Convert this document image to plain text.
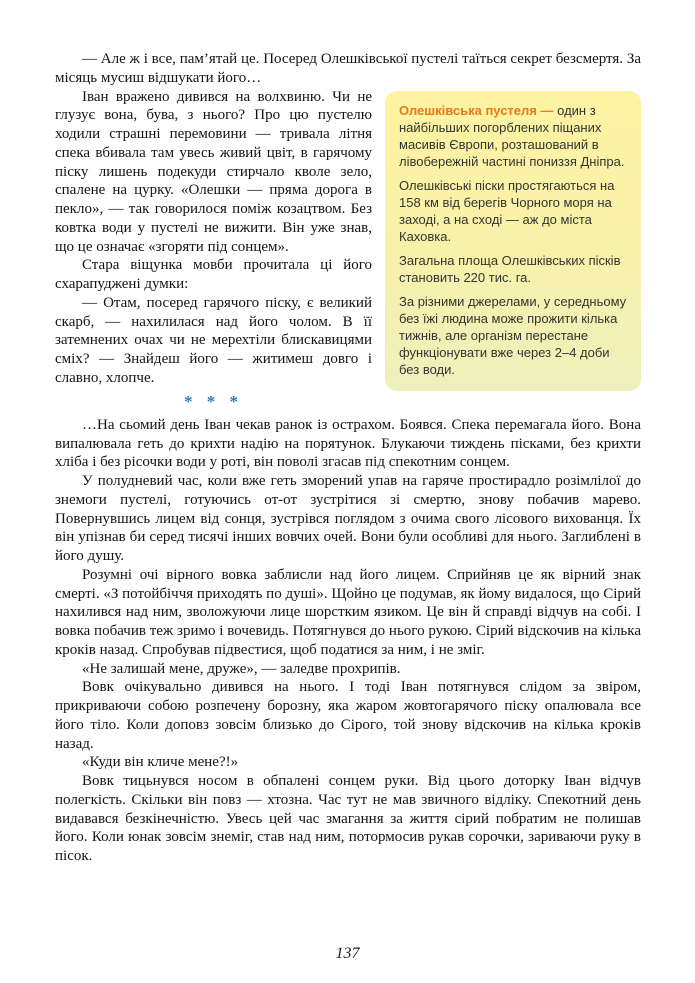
— Але ж і все, пам’ятай це. Посеред Олешківської пустелі таїться секрет безсмертя. За місяць мусиш відшукати його…

Олешківська пустеля — один з найбільших погорблених піщаних масивів Європи, розташований в лівобережній частині пониззя Дніпра.

Олешківські піски простягаються на 158 км від берегів Чорного моря на заході, а на сході — аж до міста Каховка.

Загальна площа Олешківських пісків становить 220 тис. га.

За різними джерелами, у середньому без їжі людина може прожити кілька тижнів, але організм перестане функціонувати вже через 2–4 доби без води.

Іван вражено дивився на волхвиню. Чи не глузує вона, бува, з нього? Про цю пустелю ходили страшні перемовини — тривала літня спека вбивала там увесь живий цвіт, в гарячому піску лишень подекуди стирчало кволе зело, спалене на цурку. «Олешки — пряма дорога в пекло», — так говорилося поміж козацтвом. Без ковтка води у пустелі не вижити. Він уже знав, що це означає «згоряти під сонцем».

Стара віщунка мовби прочитала ці його схарапуджені думки:

— Отам, посеред гарячого піску, є великий скарб, — нахилилася над його чолом. В її затемнених очах чи не мерехтіли блискавицями сміх? — Знайдеш його — житимеш довго і славно, хлопче.

* * *

…На сьомий день Іван чекав ранок із острахом. Боявся. Спека перемагала його. Вона випалювала геть до крихти надію на порятунок. Блукаючи тиждень пісками, без крихти хліба і без рісочки води у роті, він поволі згасав під спекотним сонцем.

У полудневий час, коли вже геть зморений упав на гаряче простирадло розімлілої до знемоги пустелі, готуючись от-от зустрітися зі смертю, знову побачив марево. Повернувшись лицем від сонця, зустрівся поглядом з очима свого лісового вихованця. Їх він упізнав би серед тисячі інших вовчих очей. Вони були особливі для нього. Заглиблені в його душу.

Розумні очі вірного вовка заблисли над його лицем. Сприйняв це як вірний знак смерті. «З потойбіччя приходять по душі». Щойно це подумав, як йому видалося, що Сірий нахилився над ним, зволожуючи лице шорстким язиком. Це він й справді відчув на собі. І вовка побачив теж зримо і вочевидь. Потягнувся до нього рукою. Сірий відскочив на кілька кроків назад. Спробував підвестися, щоб податися за ним, і не зміг.

«Не залишай мене, друже», — заледве прохрипів.

Вовк очікувально дивився на нього. І тоді Іван потягнувся слідом за звіром, прикриваючи собою розпечену борозну, яка жаром жовтогарячого піску опалювала все його тіло. Коли доповз зовсім близько до Сірого, той знову відскочив на кілька кроків назад.

«Куди він кличе мене?!»

Вовк тицьнувся носом в обпалені сонцем руки. Від цього доторку Іван відчув полегкість. Скільки він повз — хтозна. Час тут не мав звичного відліку. Спекотний день видавався безкінечністю. Увесь цей час змагання за життя сірий побратим не полишав його. Коли юнак зовсім знеміг, став над ним, потормосив рукав сорочки, зариваючи руку в пісок.

137
